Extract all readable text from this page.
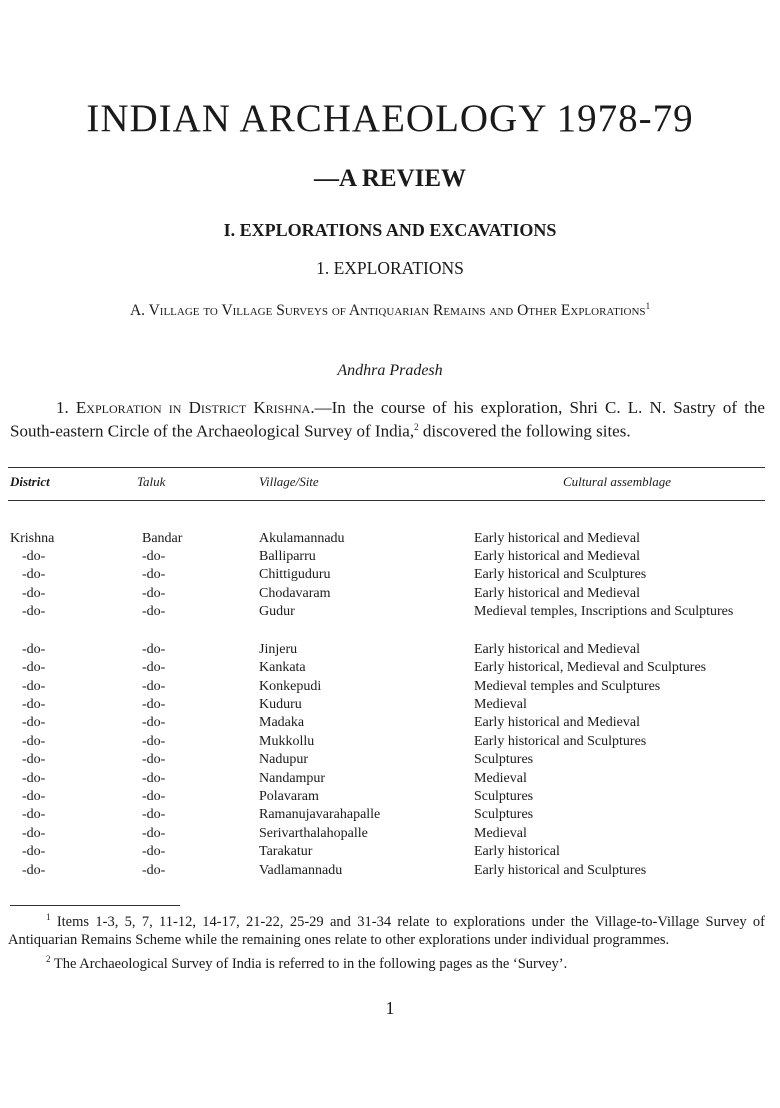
INDIAN ARCHAEOLOGY 1978-79
—A REVIEW
I. EXPLORATIONS AND EXCAVATIONS
1. EXPLORATIONS
A. Village to Village Surveys of Antiquarian Remains and Other Explorations$^1$
Andhra Pradesh
1. Exploration in District Krishna.—In the course of his exploration, Shri C. L. N. Sastry of the South-eastern Circle of the Archaeological Survey of India,$^2$ discovered the following sites.
District	Taluk	Village/Site	Cultural assemblage
Krishna	Bandar	Akulamannadu	Early historical and Medieval
-do-	-do-	Balliparru	Early historical and Medieval
-do-	-do-	Chittiguduru	Early historical and Sculptures
-do-	-do-	Chodavaram	Early historical and Medieval
-do-	-do-	Gudur	Medieval temples, Inscriptions and Sculptures
-do-	-do-	Jinjeru	Early historical and Medieval
-do-	-do-	Kankata	Early historical, Medieval and Sculptures
-do-	-do-	Konkepudi	Medieval temples and Sculptures
-do-	-do-	Kuduru	Medieval
-do-	-do-	Madaka	Early historical and Medieval
-do-	-do-	Mukkollu	Early historical and Sculptures
-do-	-do-	Nadupur	Sculptures
-do-	-do-	Nandampur	Medieval
-do-	-do-	Polavaram	Sculptures
-do-	-do-	Ramanujavarahapalle	Sculptures
-do-	-do-	Serivarthalahopalle	Medieval
-do-	-do-	Tarakatur	Early historical
-do-	-do-	Vadlamannadu	Early historical and Sculptures

$^1$ Items 1-3, 5, 7, 11-12, 14-17, 21-22, 25-29 and 31-34 relate to explorations under the Village-to-Village Survey of Antiquarian Remains Scheme while the remaining ones relate to other explorations under individual programmes.

$^2$ The Archaeological Survey of India is referred to in the following pages as the ‘Survey’.

1
